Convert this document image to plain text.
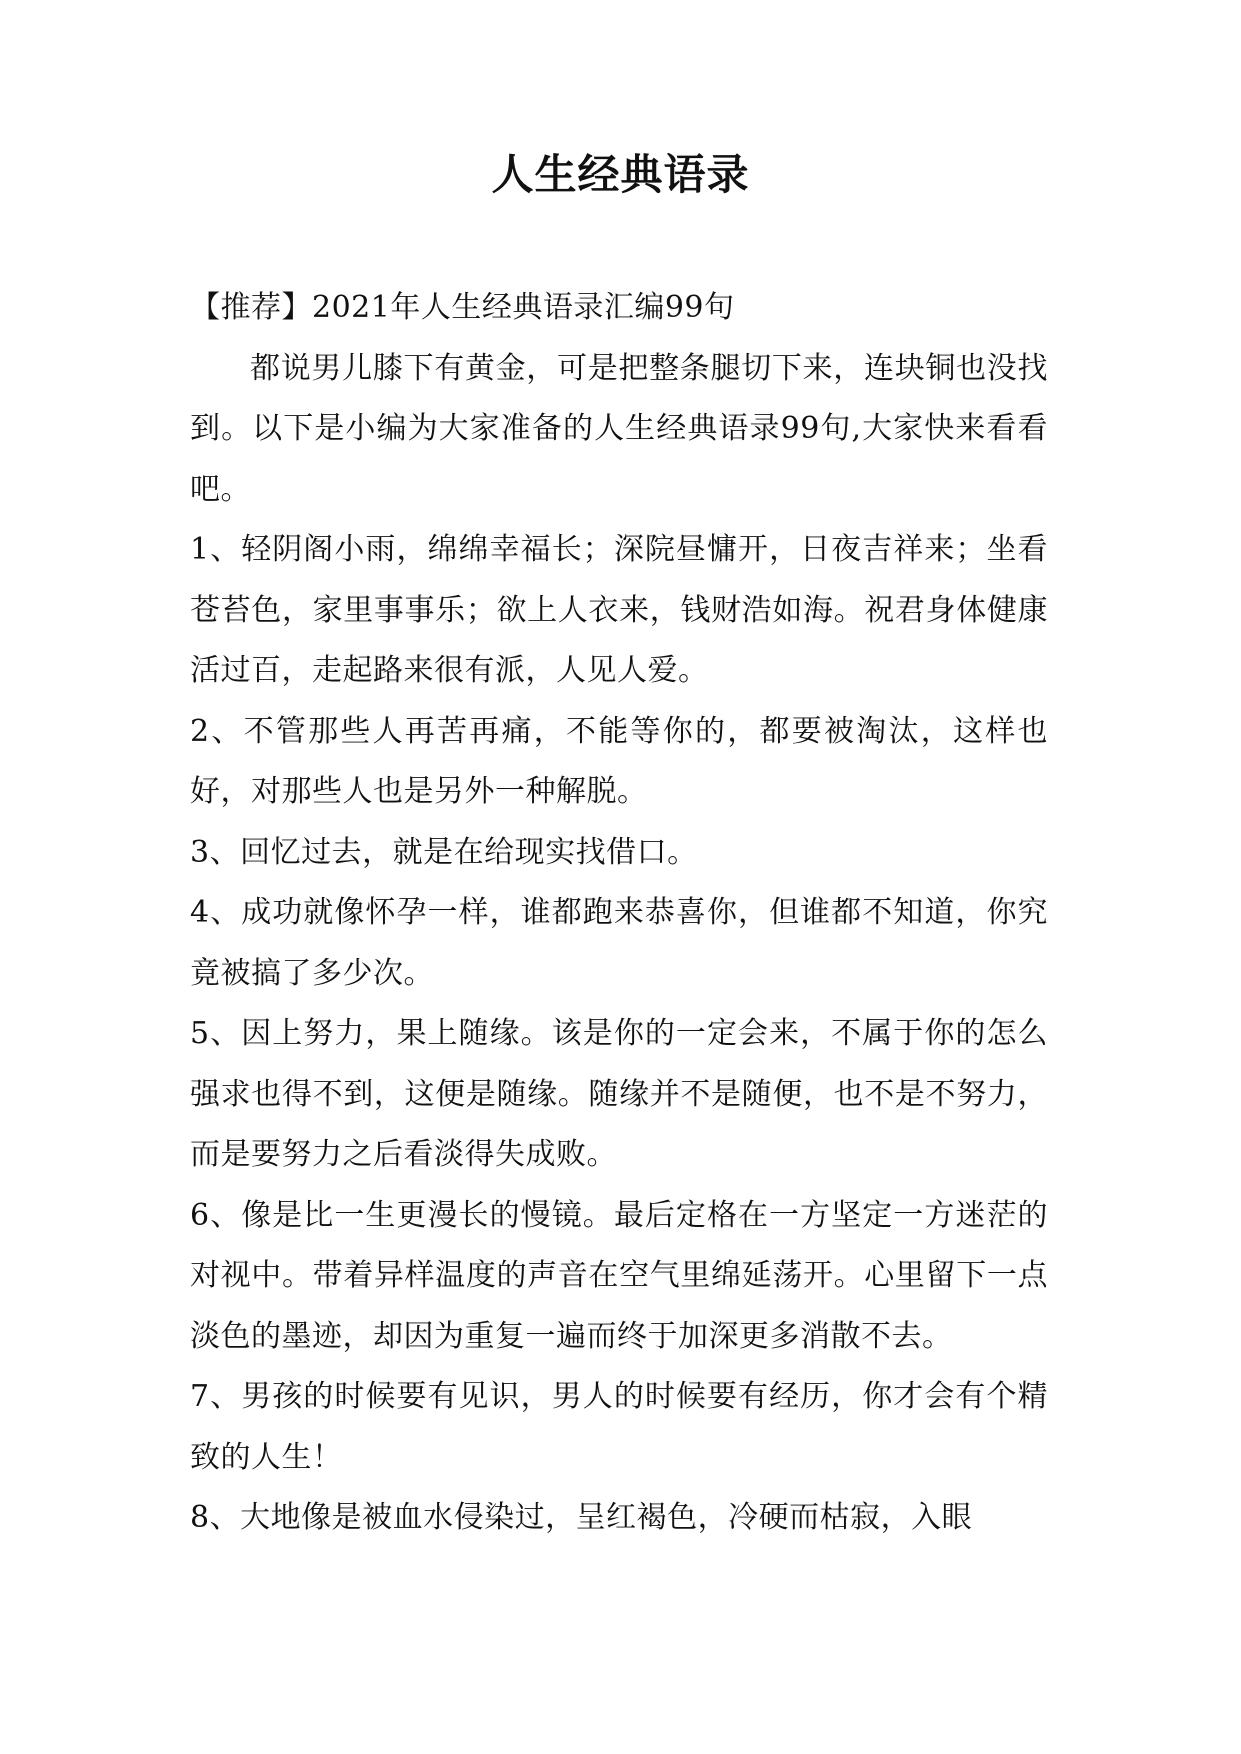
人生经典语录

【推荐】2021年人生经典语录汇编99句

都说男儿膝下有黄金，可是把整条腿切下来，连块铜也没找到。以下是小编为大家准备的人生经典语录99句,大家快来看看吧。

1、轻阴阁小雨，绵绵幸福长；深院昼慵开，日夜吉祥来；坐看苍苔色，家里事事乐；欲上人衣来，钱财浩如海。祝君身体健康活过百，走起路来很有派，人见人爱。

2、不管那些人再苦再痛，不能等你的，都要被淘汰，这样也好，对那些人也是另外一种解脱。

3、回忆过去，就是在给现实找借口。

4、成功就像怀孕一样，谁都跑来恭喜你，但谁都不知道，你究竟被搞了多少次。

5、因上努力，果上随缘。该是你的一定会来，不属于你的怎么强求也得不到，这便是随缘。随缘并不是随便，也不是不努力，而是要努力之后看淡得失成败。

6、像是比一生更漫长的慢镜。最后定格在一方坚定一方迷茫的对视中。带着异样温度的声音在空气里绵延荡开。心里留下一点淡色的墨迹，却因为重复一遍而终于加深更多消散不去。

7、男孩的时候要有见识，男人的时候要有经历，你才会有个精致的人生！

8、大地像是被血水侵染过，呈红褐色，冷硬而枯寂，入眼
